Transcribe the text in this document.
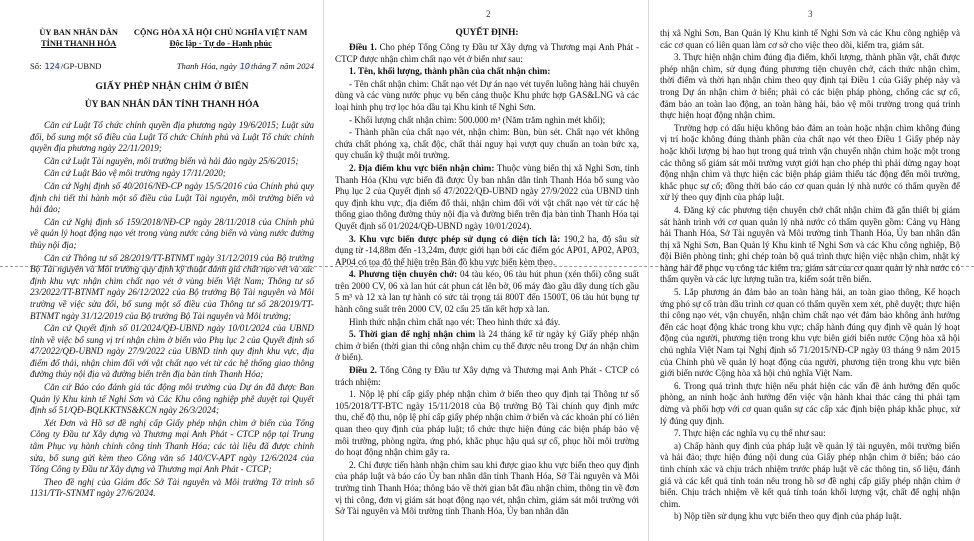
2	3
ỦY BAN NHÂN DÂN
TỈNH THANH HÓA
CỘNG HÒA XÃ HỘI CHỦ NGHĨA VIỆT NAM
Độc lập - Tự do - Hạnh phúc
Số: 124/GP-UBND	Thanh Hóa, ngày 10tháng7 năm 2024
GIẤY PHÉP NHẬN CHÌM Ở BIỂN
ỦY BAN NHÂN DÂN TỈNH THANH HÓA

Căn cứ Luật Tổ chức chính quyền địa phương ngày 19/6/2015; Luật sửa đổi, bổ sung một số điều của Luật Tổ chức Chính phủ và Luật Tổ chức chính quyền địa phương ngày 22/11/2019;

Căn cứ Luật Tài nguyên, môi trường biển và hải đảo ngày 25/6/2015;

Căn cứ Luật Bảo vệ môi trường ngày 17/11/2020;

Căn cứ Nghị định số 40/2016/NĐ-CP ngày 15/5/2016 của Chính phủ quy định chi tiết thi hành một số điều của Luật Tài nguyên, môi trường biển và hải đảo;

Căn cứ Nghị định số 159/2018/NĐ-CP ngày 28/11/2018 của Chính phủ về quản lý hoạt động nạo vét trong vùng nước cảng biển và vùng nước đường thủy nội địa;

Căn cứ Thông tư số 28/2019/TT-BTNMT ngày 31/12/2019 của Bộ trưởng Bộ Tài nguyên và Môi trường quy định kỹ thuật đánh giá chất nạo vét và xác định khu vực nhận chìm chất nạo vét ở vùng biển Việt Nam; Thông tư số 23/2022/TT-BTNMT ngày 26/12/2022 của Bộ trưởng Bộ Tài nguyên và Môi trường về việc sửa đổi, bổ sung một số điều của Thông tư số 28/2019/TT-BTNMT ngày 31/12/2019 của Bộ trưởng Bộ Tài nguyên và Môi trường;

Căn cứ Quyết định số 01/2024/QĐ-UBND ngày 10/01/2024 của UBND tỉnh về việc bổ sung vị trí nhận chìm ở biển vào Phụ lục 2 của Quyết định số 47/2022/QĐ-UBND ngày 27/9/2022 của UBND tỉnh quy định khu vực, địa điểm đổ thải, nhận chìm đối với vật chất nạo vét từ các hệ thống giao thông đường thủy nội địa và đường biển trên địa bàn tỉnh Thanh Hóa;

Căn cứ Báo cáo đánh giá tác động môi trường của Dự án đã được Ban Quản lý Khu kinh tế Nghi Sơn và Các Khu công nghiệp phê duyệt tại Quyết định số 51/QĐ-BQLKKTNS&KCN ngày 26/3/2024;

Xét Đơn và Hồ sơ đề nghị cấp Giấy phép nhận chìm ở biển của Tổng Công ty Đầu tư Xây dựng và Thương mại Anh Phát - CTCP nộp tại Trung tâm Phục vụ hành chính công tỉnh Thanh Hóa; các tài liệu đã được chỉnh sửa, bổ sung gửi kèm theo Công văn số 140/CV-APT ngày 12/6/2024 của Tổng Công ty Đầu tư Xây dựng và Thương mại Anh Phát - CTCP;

Theo đề nghị của Giám đốc Sở Tài nguyên và Môi trường Tờ trình số 1131/TTr-STNMT ngày 27/6/2024.

QUYẾT ĐỊNH:

Điều 1. Cho phép Tổng Công ty Đầu tư Xây dựng và Thương mại Anh Phát - CTCP được nhận chìm chất nạo vét ở biển như sau:

1. Tên, khối lượng, thành phần của chất nhận chìm:

- Tên chất nhận chìm: Chất nạo vét Dự án nạo vét tuyến luồng hàng hải chuyên dùng và các vùng nước phục vụ bến cảng thuộc Khu phức hợp GAS&LNG và các loại hình phụ trợ lọc hóa dầu tại Khu kinh tế Nghi Sơn.

- Khối lượng chất nhận chìm: 500.000 m³ (Năm trăm nghìn mét khối);

- Thành phần của chất nạo vét, nhận chìm: Bùn, bùn sét. Chất nạo vét không chứa chất phóng xạ, chất độc, chất thải nguy hại vượt quy chuẩn an toàn bức xạ, quy chuẩn kỹ thuật môi trường.

2. Địa điểm khu vực biển nhận chìm: Thuộc vùng biển thị xã Nghi Sơn, tỉnh Thanh Hóa (Khu vực biển đã được Ủy ban nhân dân tỉnh Thanh Hóa bổ sung vào Phụ lục 2 của Quyết định số 47/2022/QĐ-UBND ngày 27/9/2022 của UBND tỉnh quy định khu vực, địa điểm đổ thải, nhận chìm đối với vật chất nạo vét từ các hệ thống giao thông đường thủy nội địa và đường biển trên địa bàn tỉnh Thanh Hóa tại Quyết định số 01/2024/QĐ-UBND ngày 10/01/2024).

3. Khu vực biển được phép sử dụng có diện tích là: 190,2 ha, độ sâu sử dụng từ -14,88m đến -13,24m, được giới hạn bởi các điểm góc AP01, AP02, AP03, AP04 có tọa độ thể hiện trên Bản đồ khu vực biển kèm theo.

4. Phương tiện chuyên chở: 04 tàu kéo, 06 tàu hút phun (xén thổi) công suất trên 2000 CV, 06 xà lan hút cát phun cát lên bờ, 06 máy đào gầu dây dung tích gầu 5 m³ và 12 xà lan tự hành có sức tải trọng tải 800T đến 1500T, 06 tàu hút bụng tự hành công suất trên 2000 CV, 02 cẩu 25 tấn kết hợp xà lan.

Hình thức nhận chìm chất nạo vét: Theo hình thức xả đáy.

5. Thời gian để nghị nhận chìm là 24 tháng kể từ ngày ký Giấy phép nhận chìm ở biển (thời gian thi công nhận chìm cụ thể được nêu trong Dự án nhận chìm ở biển).

Điều 2. Tổng Công ty Đầu tư Xây dựng và Thương mại Anh Phát - CTCP có trách nhiệm:

1. Nộp lệ phí cấp giấy phép nhận chìm ở biển theo quy định tại Thông tư số 105/2018/TT-BTC ngày 15/11/2018 của Bộ trưởng Bộ Tài chính quy định mức thu, chế độ thu, nộp lệ phí cấp giấy phép nhận chìm ở biển và các khoản phí có liên quan theo quy định của pháp luật; tổ chức thực hiện đúng các biện pháp bảo vệ môi trường, phòng ngừa, ứng phó, khắc phục hậu quả sự cố, phục hồi môi trường do hoạt động nhận chìm gây ra.

2. Chỉ được tiến hành nhận chìm sau khi được giao khu vực biển theo quy định của pháp luật và báo cáo Ủy ban nhân dân tỉnh Thanh Hóa, Sở Tài nguyên và Môi trường tỉnh Thanh Hóa; thông báo về thời gian bắt đầu nhận chìm, thông tin về đơn vị thi công, đơn vị giám sát hoạt động nạo vét, nhận chìm, giám sát môi trường với Sở Tài nguyên và Môi trường tỉnh Thanh Hóa, Ủy ban nhân dân

thị xã Nghi Sơn, Ban Quản lý Khu kinh tế Nghi Sơn và các Khu công nghiệp và các cơ quan có liên quan làm cơ sở cho việc theo dõi, kiểm tra, giám sát.

3. Thực hiện nhận chìm đúng địa điểm, khối lượng, thành phần vật, chất được phép nhận chìm, sử dụng đúng phương tiện chuyên chở, cách thức nhận chìm, thời điểm và thời hạn nhận chìm theo quy định tại Điều 1 của Giấy phép này và trong Dự án nhận chìm ở biển; phải có các biện pháp phòng, chống các sự cố, đảm bảo an toàn lao động, an toàn hàng hải, bảo vệ môi trường trong quá trình thực hiện hoạt động nhận chìm.

Trường hợp có dấu hiệu không bảo đảm an toàn hoặc nhận chìm không đúng vị trí hoặc không đúng thành phần của chất nạo vét theo Điều 1 Giấy phép này hoặc khối lượng bị hao hụt trong quá trình vận chuyển nhận chìm hoặc một trong các thông số giám sát môi trường vượt giới hạn cho phép thì phải dừng ngay hoạt động nhận chìm và thực hiện các biện pháp giảm thiểu tác động đến môi trường, khắc phục sự cố; đồng thời báo cáo cơ quan quản lý nhà nước có thẩm quyền để xử lý theo quy định của pháp luật.

4. Đăng ký các phương tiện chuyên chở chất nhận chìm đã gắn thiết bị giám sát hành trình với cơ quan quản lý nhà nước có thẩm quyền gồm: Cảng vụ Hàng hải Thanh Hóa, Sở Tài nguyên và Môi trường tỉnh Thanh Hóa, Ủy ban nhân dân thị xã Nghi Sơn, Ban Quản lý Khu kinh tế Nghi Sơn và các Khu công nghiệp, Bộ đội Biên phòng tỉnh; ghi chép toàn bộ quá trình thực hiện việc nhận chìm, nhật ký hàng hải để phục vụ công tác kiểm tra, giám sát của cơ quan quản lý nhà nước có thẩm quyền và các lực lượng tuần tra, kiểm soát trên biển.

5. Lắp phương án đảm bảo an toàn hàng hải, an toàn giao thông, Kế hoạch ứng phó sự cố tràn dầu trình cơ quan có thẩm quyền xem xét, phê duyệt; thực hiện thi công nạo vét, vận chuyển, nhận chìm chất nạo vét đảm bảo không ảnh hưởng đến các hoạt động khác trong khu vực; chấp hành đúng quy định về quản lý hoạt động của người, phương tiện trong khu vực biên giới biển nước Cộng hòa xã hội chủ nghĩa Việt Nam tại Nghị định số 71/2015/NĐ-CP ngày 03 tháng 9 năm 2015 của Chính phủ về quản lý hoạt động của người, phương tiện trong khu vực biên giới biển nước Cộng hòa xã hội chủ nghĩa Việt Nam.

6. Trong quá trình thực hiện nếu phát hiện các vấn đề ảnh hưởng đến quốc phòng, an ninh hoặc ảnh hưởng đến việc vận hành khai thác cảng thì phải tạm dừng và phối hợp với cơ quan quân sự các cấp xác định biện pháp khắc phục, xử lý đúng quy định.

7. Thực hiện các nghĩa vụ cụ thể như sau:

a) Chấp hành quy định của pháp luật về quản lý tài nguyên, môi trường biển và hải đảo; thực hiện đúng nội dung của Giấy phép nhận chìm ở biển; báo cáo tình chính xác và chịu trách nhiệm trước pháp luật về các thông tin, số liệu, đánh giá và các kết quả tính toán nêu trong hồ sơ đề nghị cấp giấy phép nhận chìm ở biển. Chịu trách nhiệm về kết quả tính toán khối lượng vật, chất để nghị nhận chìm.

b) Nộp tiền sử dụng khu vực biển theo quy định của pháp luật.
